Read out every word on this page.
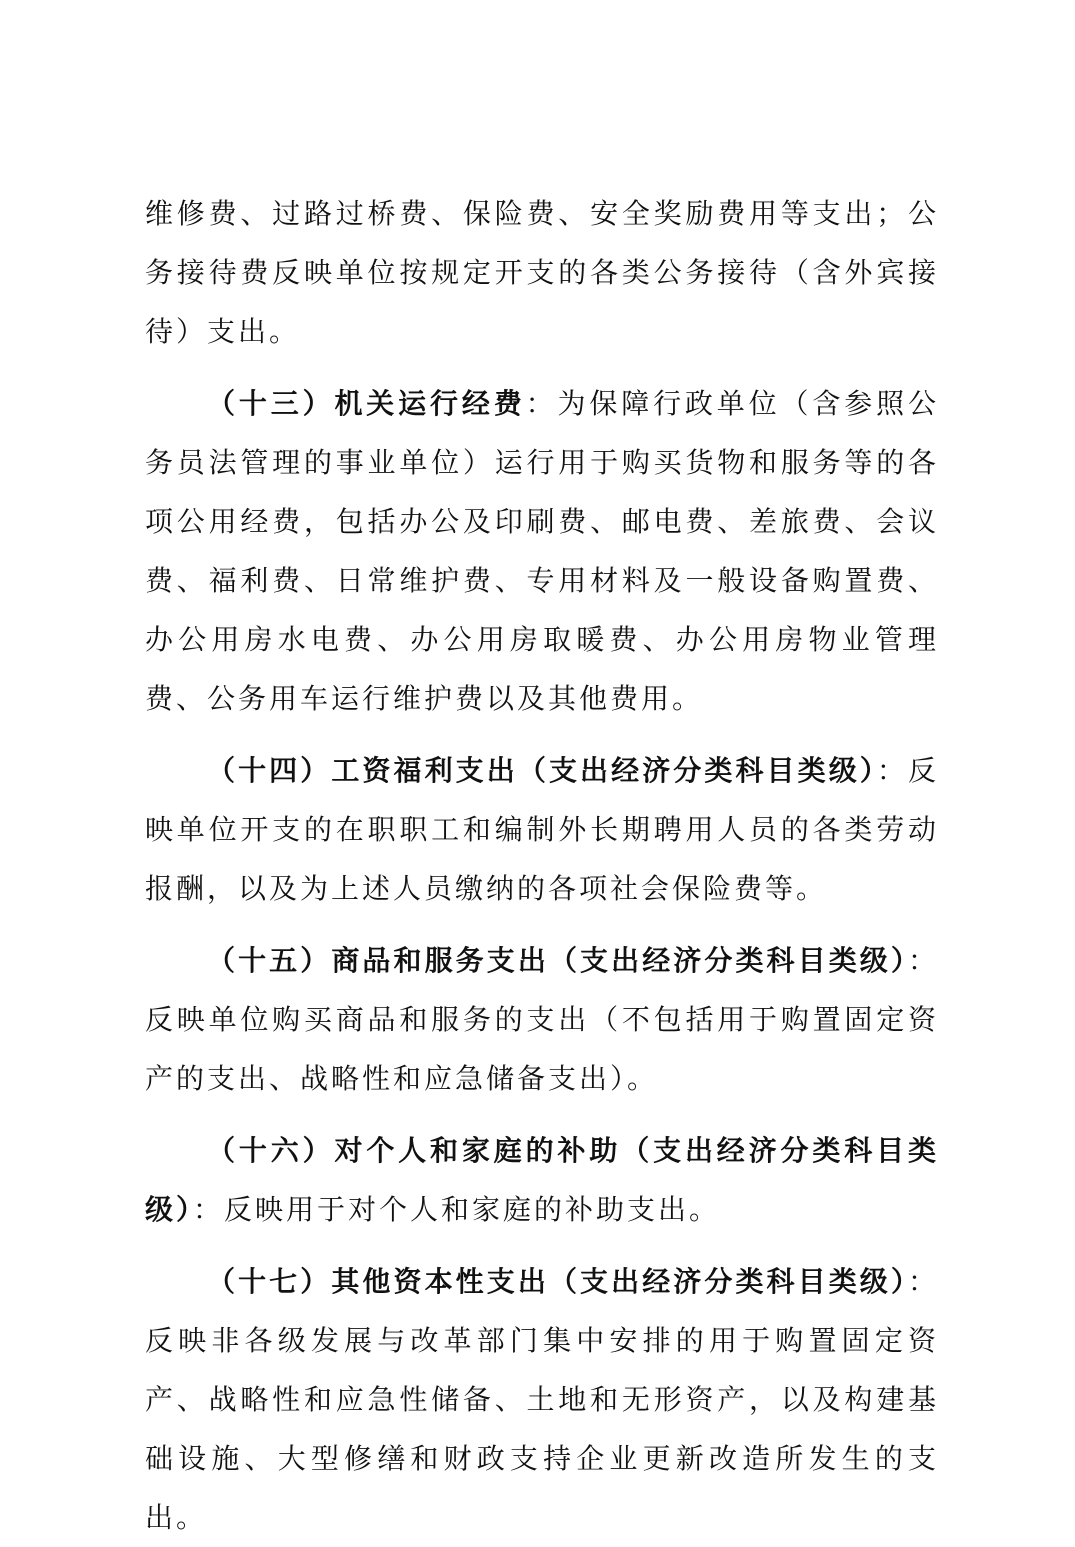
维修费、过路过桥费、保险费、安全奖励费用等支出；公务接待费反映单位按规定开支的各类公务接待（含外宾接待）支出。

（十三）机关运行经费：为保障行政单位（含参照公务员法管理的事业单位）运行用于购买货物和服务等的各项公用经费，包括办公及印刷费、邮电费、差旅费、会议费、福利费、日常维护费、专用材料及一般设备购置费、办公用房水电费、办公用房取暖费、办公用房物业管理费、公务用车运行维护费以及其他费用。

（十四）工资福利支出（支出经济分类科目类级）：反映单位开支的在职职工和编制外长期聘用人员的各类劳动报酬，以及为上述人员缴纳的各项社会保险费等。

（十五）商品和服务支出（支出经济分类科目类级）：反映单位购买商品和服务的支出（不包括用于购置固定资产的支出、战略性和应急储备支出）。

（十六）对个人和家庭的补助（支出经济分类科目类级）：反映用于对个人和家庭的补助支出。

（十七）其他资本性支出（支出经济分类科目类级）：反映非各级发展与改革部门集中安排的用于购置固定资产、战略性和应急性储备、土地和无形资产，以及构建基础设施、大型修缮和财政支持企业更新改造所发生的支出。
